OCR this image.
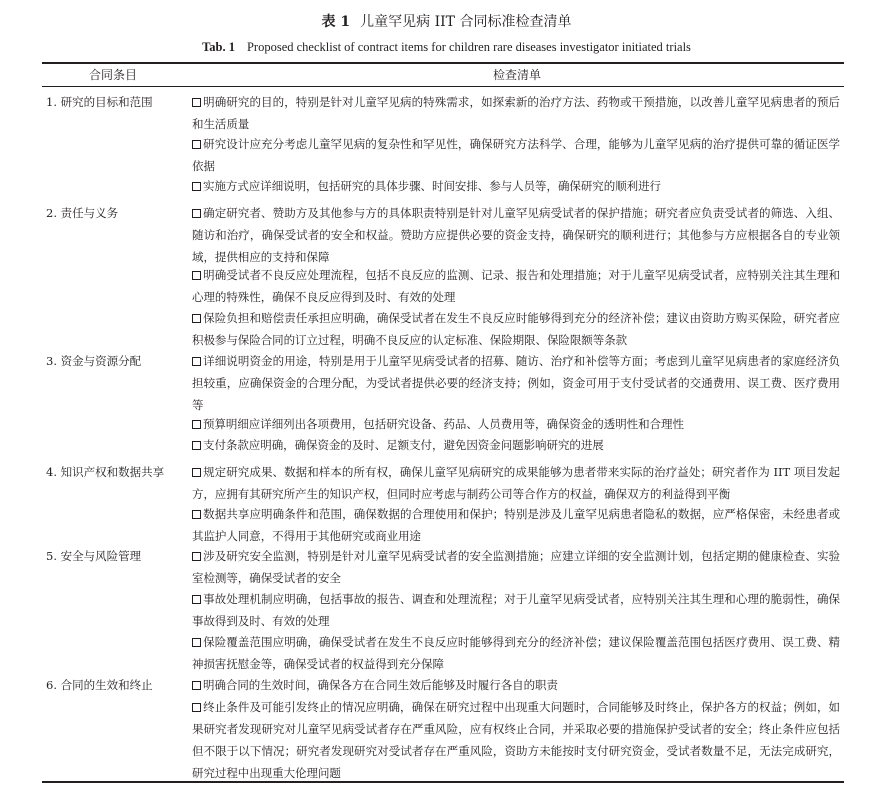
表 1 儿童罕见病 IIT 合同标准检查清单
Tab. 1 Proposed checklist of contract items for children rare diseases investigator initiated trials
合同条目	检查清单
1. 研究的目标和范围	明确研究的目的，特别是针对儿童罕见病的特殊需求，如探索新的治疗方法、药物或干预措施，以改善儿童罕见病患者的预后和生活质量
研究设计应充分考虑儿童罕见病的复杂性和罕见性，确保研究方法科学、合理，能够为儿童罕见病的治疗提供可靠的循证医学依据
实施方式应详细说明，包括研究的具体步骤、时间安排、参与人员等，确保研究的顺利进行
2. 责任与义务	确定研究者、赞助方及其他参与方的具体职责特别是针对儿童罕见病受试者的保护措施；研究者应负责受试者的筛选、入组、随访和治疗，确保受试者的安全和权益。赞助方应提供必要的资金支持，确保研究的顺利进行；其他参与方应根据各自的专业领域，提供相应的支持和保障
明确受试者不良反应处理流程，包括不良反应的监测、记录、报告和处理措施；对于儿童罕见病受试者，应特别关注其生理和心理的特殊性，确保不良反应得到及时、有效的处理
保险负担和赔偿责任承担应明确，确保受试者在发生不良反应时能够得到充分的经济补偿；建议由资助方购买保险，研究者应积极参与保险合同的订立过程，明确不良反应的认定标准、保险期限、保险限额等条款
3. 资金与资源分配	详细说明资金的用途，特别是用于儿童罕见病受试者的招募、随访、治疗和补偿等方面；考虑到儿童罕见病患者的家庭经济负担较重，应确保资金的合理分配，为受试者提供必要的经济支持；例如，资金可用于支付受试者的交通费用、误工费、医疗费用等
预算明细应详细列出各项费用，包括研究设备、药品、人员费用等，确保资金的透明性和合理性
支付条款应明确，确保资金的及时、足额支付，避免因资金问题影响研究的进展
4. 知识产权和数据共享	规定研究成果、数据和样本的所有权，确保儿童罕见病研究的成果能够为患者带来实际的治疗益处；研究者作为 IIT 项目发起方，应拥有其研究所产生的知识产权，但同时应考虑与制药公司等合作方的权益，确保双方的利益得到平衡
数据共享应明确条件和范围，确保数据的合理使用和保护；特别是涉及儿童罕见病患者隐私的数据，应严格保密，未经患者或其监护人同意，不得用于其他研究或商业用途
5. 安全与风险管理	涉及研究安全监测，特别是针对儿童罕见病受试者的安全监测措施；应建立详细的安全监测计划，包括定期的健康检查、实验室检测等，确保受试者的安全
事故处理机制应明确，包括事故的报告、调查和处理流程；对于儿童罕见病受试者，应特别关注其生理和心理的脆弱性，确保事故得到及时、有效的处理
保险覆盖范围应明确，确保受试者在发生不良反应时能够得到充分的经济补偿；建议保险覆盖范围包括医疗费用、误工费、精神损害抚慰金等，确保受试者的权益得到充分保障
6. 合同的生效和终止	明确合同的生效时间，确保各方在合同生效后能够及时履行各自的职责
终止条件及可能引发终止的情况应明确，确保在研究过程中出现重大问题时，合同能够及时终止，保护各方的权益；例如，如果研究者发现研究对儿童罕见病受试者存在严重风险，应有权终止合同，并采取必要的措施保护受试者的安全；终止条件应包括但不限于以下情况；研究者发现研究对受试者存在严重风险，资助方未能按时支付研究资金，受试者数量不足，无法完成研究，研究过程中出现重大伦理问题
